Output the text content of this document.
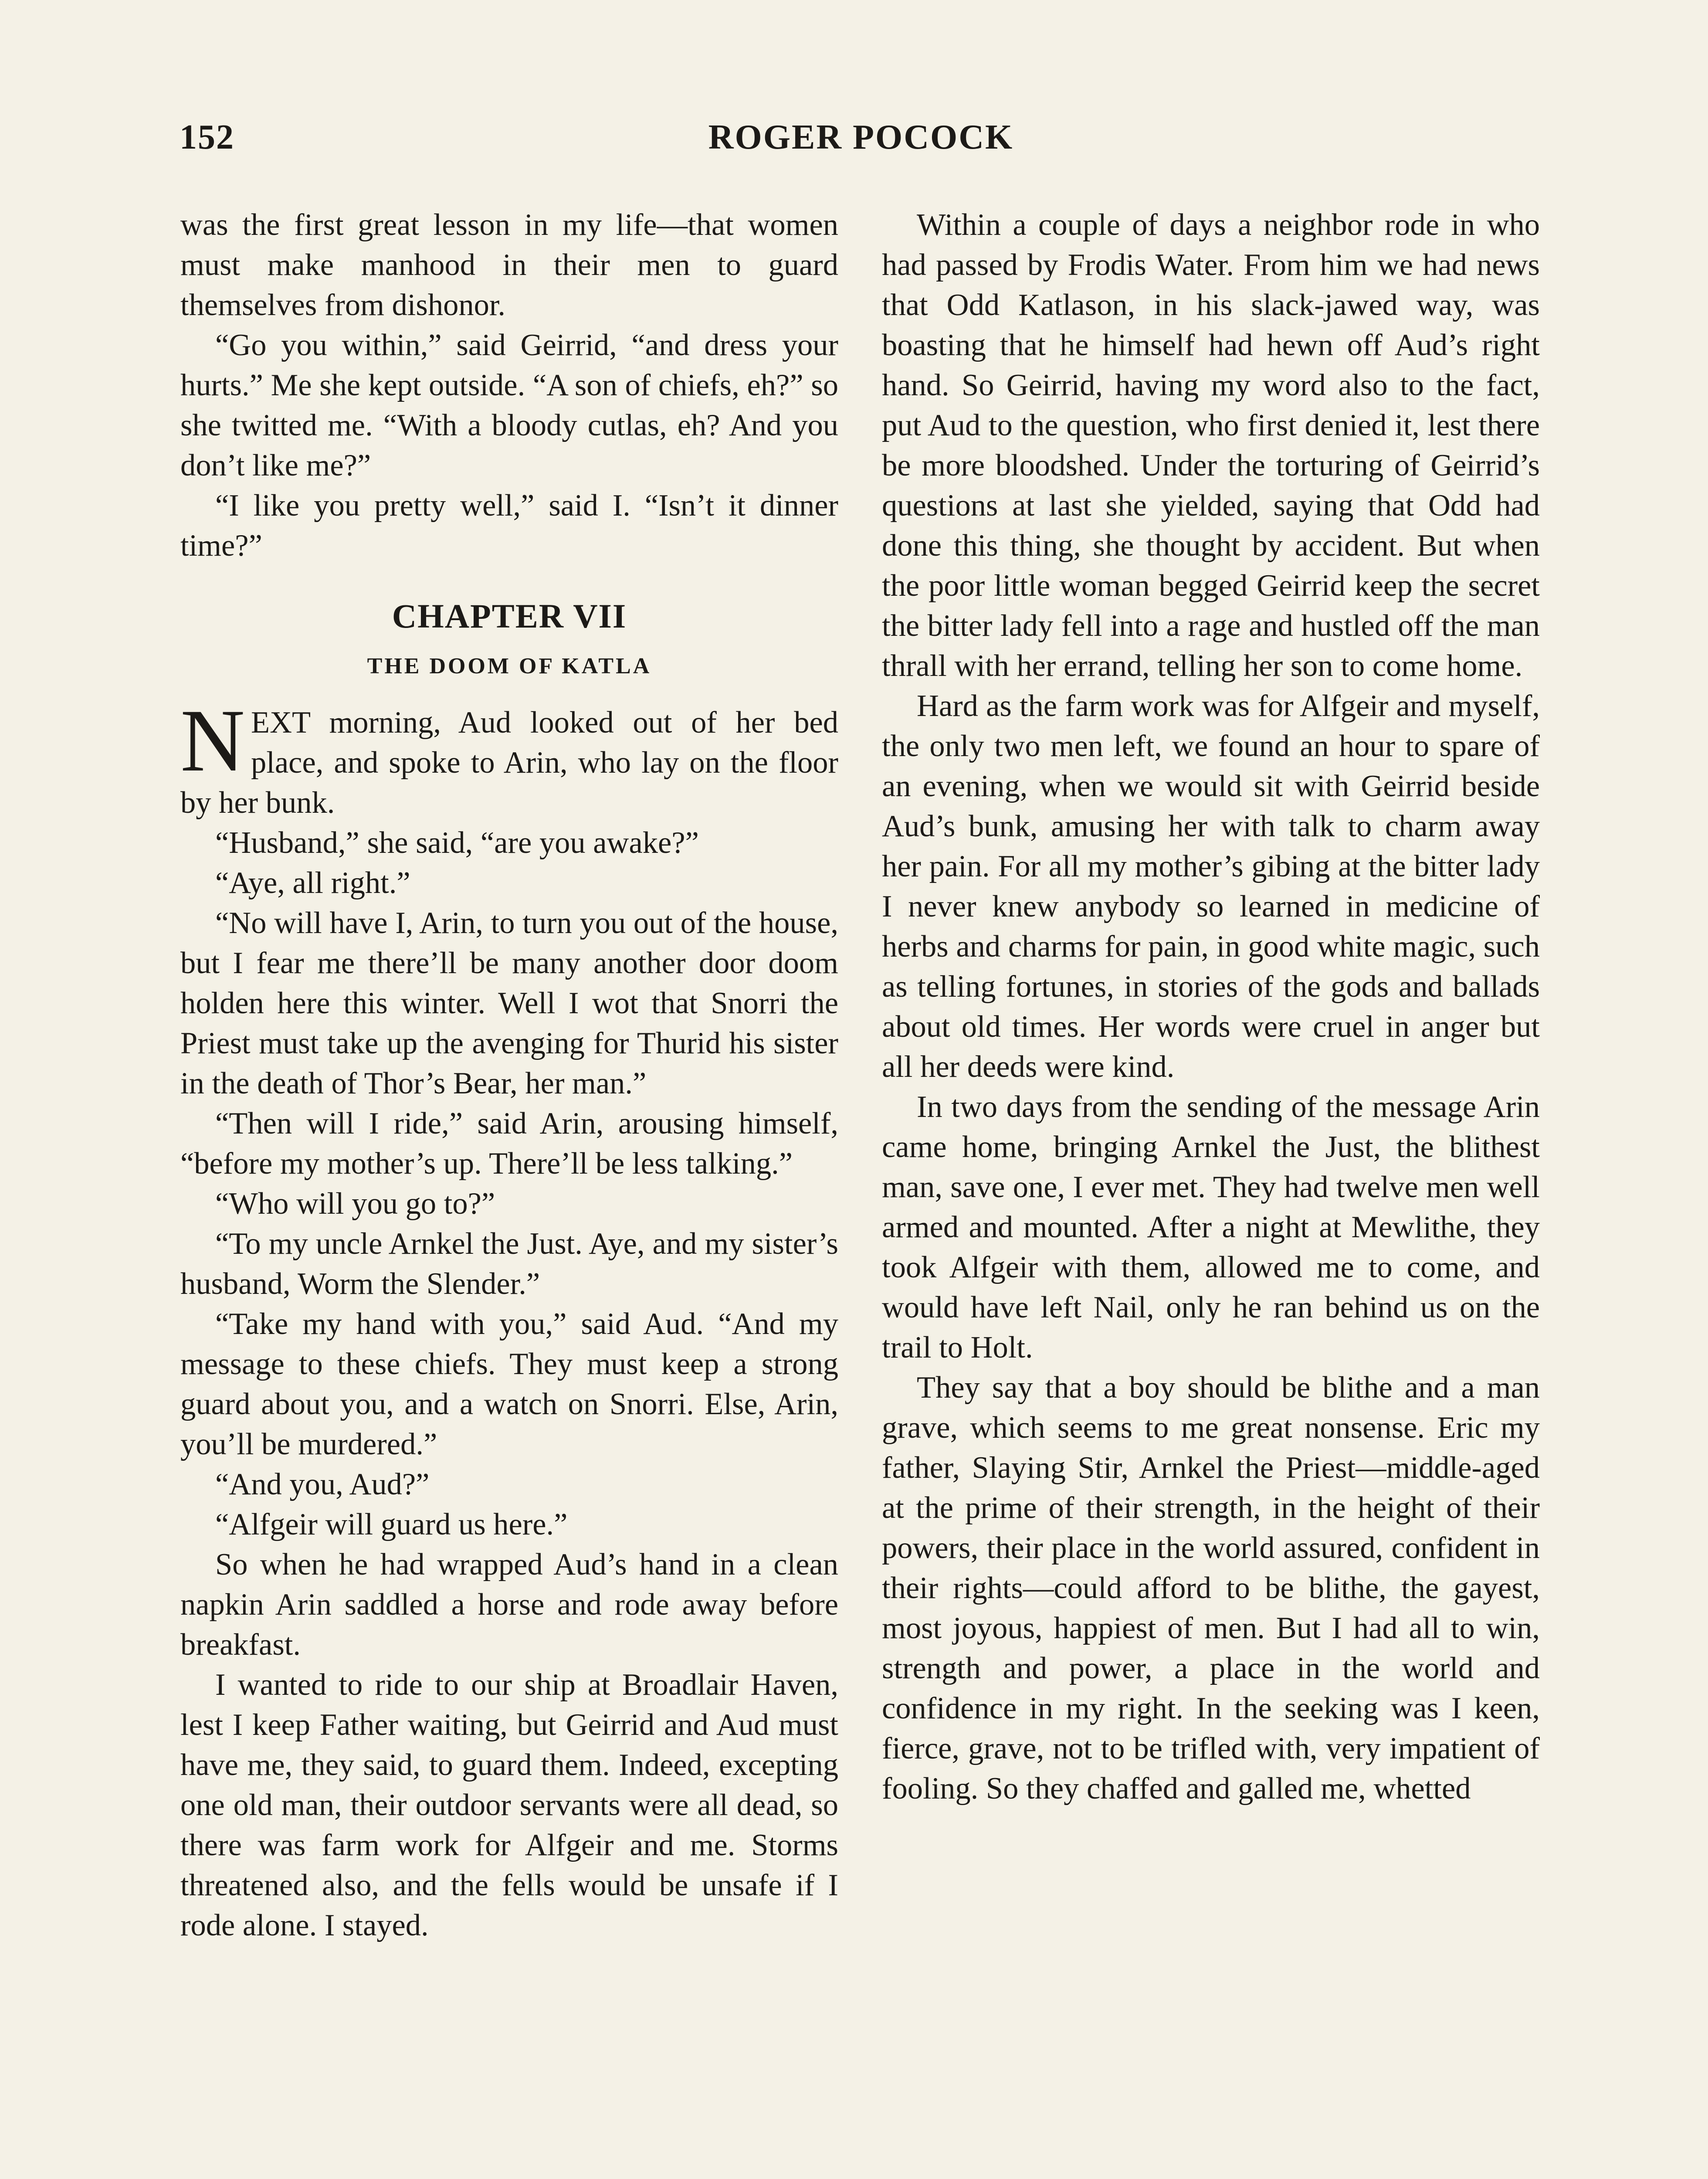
152	ROGER POCOCK

was the first great lesson in my life—that women must make manhood in their men to guard themselves from dishonor.

“Go you within,” said Geirrid, “and dress your hurts.” Me she kept outside. “A son of chiefs, eh?” so she twitted me. “With a bloody cutlas, eh? And you don’t like me?”

“I like you pretty well,” said I. “Isn’t it dinner time?”

CHAPTER VII
THE DOOM OF KATLA
N EXT morning, Aud looked out of her bed place, and spoke to Arin, who lay on the floor by her bunk.

“Husband,” she said, “are you awake?”

“Aye, all right.”

“No will have I, Arin, to turn you out of the house, but I fear me there’ll be many another door doom holden here this winter. Well I wot that Snorri the Priest must take up the avenging for Thurid his sister in the death of Thor’s Bear, her man.”

“Then will I ride,” said Arin, arousing himself, “before my mother’s up. There’ll be less talking.”

“Who will you go to?”

“To my uncle Arnkel the Just. Aye, and my sister’s husband, Worm the Slender.”

“Take my hand with you,” said Aud. “And my message to these chiefs. They must keep a strong guard about you, and a watch on Snorri. Else, Arin, you’ll be murdered.”

“And you, Aud?”

“Alfgeir will guard us here.”

So when he had wrapped Aud’s hand in a clean napkin Arin saddled a horse and rode away before breakfast.

I wanted to ride to our ship at Broadlair Haven, lest I keep Father waiting, but Geirrid and Aud must have me, they said, to guard them. Indeed, excepting one old man, their outdoor servants were all dead, so there was farm work for Alfgeir and me. Storms threatened also, and the fells would be unsafe if I rode alone. I stayed.

Within a couple of days a neighbor rode in who had passed by Frodis Water. From him we had news that Odd Katlason, in his slack-jawed way, was boasting that he himself had hewn off Aud’s right hand. So Geirrid, having my word also to the fact, put Aud to the question, who first denied it, lest there be more bloodshed. Under the torturing of Geirrid’s questions at last she yielded, saying that Odd had done this thing, she thought by accident. But when the poor little woman begged Geirrid keep the secret the bitter lady fell into a rage and hustled off the man thrall with her errand, telling her son to come home.

Hard as the farm work was for Alfgeir and myself, the only two men left, we found an hour to spare of an evening, when we would sit with Geirrid beside Aud’s bunk, amusing her with talk to charm away her pain. For all my mother’s gibing at the bitter lady I never knew anybody so learned in medicine of herbs and charms for pain, in good white magic, such as telling fortunes, in stories of the gods and ballads about old times. Her words were cruel in anger but all her deeds were kind.

In two days from the sending of the message Arin came home, bringing Arnkel the Just, the blithest man, save one, I ever met. They had twelve men well armed and mounted. After a night at Mewlithe, they took Alfgeir with them, allowed me to come, and would have left Nail, only he ran behind us on the trail to Holt.

They say that a boy should be blithe and a man grave, which seems to me great nonsense. Eric my father, Slaying Stir, Arnkel the Priest—middle-aged at the prime of their strength, in the height of their powers, their place in the world assured, confident in their rights—could afford to be blithe, the gayest, most joyous, happiest of men. But I had all to win, strength and power, a place in the world and confidence in my right. In the seeking was I keen, fierce, grave, not to be trifled with, very impatient of fooling. So they chaffed and galled me, whetted
